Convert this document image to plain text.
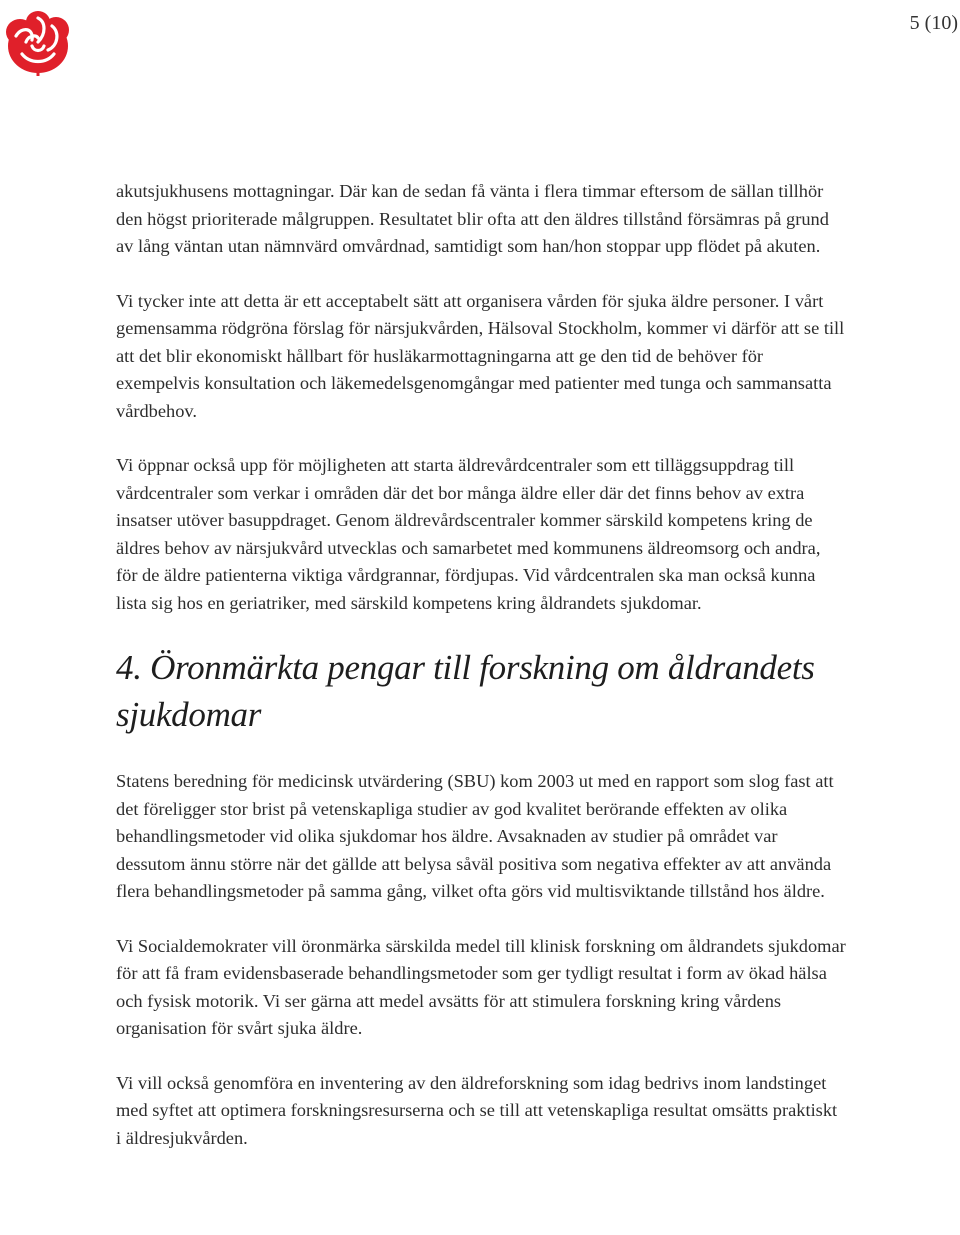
5 (10)

akutsjukhusens mottagningar. Där kan de sedan få vänta i flera timmar eftersom de sällan tillhör den högst prioriterade målgruppen. Resultatet blir ofta att den äldres tillstånd försämras på grund av lång väntan utan nämnvärd omvårdnad, samtidigt som han/hon stoppar upp flödet på akuten.

Vi tycker inte att detta är ett acceptabelt sätt att organisera vården för sjuka äldre personer. I vårt gemensamma rödgröna förslag för närsjukvården, Hälsoval Stockholm, kommer vi därför att se till att det blir ekonomiskt hållbart för husläkarmottagningarna att ge den tid de behöver för exempelvis konsultation och läkemedelsgenomgångar med patienter med tunga och sammansatta vårdbehov.

Vi öppnar också upp för möjligheten att starta äldrevårdcentraler som ett tilläggsuppdrag till vårdcentraler som verkar i områden där det bor många äldre eller där det finns behov av extra insatser utöver basuppdraget. Genom äldrevårdscentraler kommer särskild kompetens kring de äldres behov av närsjukvård utvecklas och samarbetet med kommunens äldreomsorg och andra, för de äldre patienterna viktiga vårdgrannar, fördjupas. Vid vårdcentralen ska man också kunna lista sig hos en geriatriker, med särskild kompetens kring åldrandets sjukdomar.

4. Öronmärkta pengar till forskning om åldrandets sjukdomar

Statens beredning för medicinsk utvärdering (SBU) kom 2003 ut med en rapport som slog fast att det föreligger stor brist på vetenskapliga studier av god kvalitet berörande effekten av olika behandlingsmetoder vid olika sjukdomar hos äldre. Avsaknaden av studier på området var dessutom ännu större när det gällde att belysa såväl positiva som negativa effekter av att använda flera behandlingsmetoder på samma gång, vilket ofta görs vid multisviktande tillstånd hos äldre.

Vi Socialdemokrater vill öronmärka särskilda medel till klinisk forskning om åldrandets sjukdomar för att få fram evidensbaserade behandlingsmetoder som ger tydligt resultat i form av ökad hälsa och fysisk motorik. Vi ser gärna att medel avsätts för att stimulera forskning kring vårdens organisation för svårt sjuka äldre.

Vi vill också genomföra en inventering av den äldreforskning som idag bedrivs inom landstinget med syftet att optimera forskningsresurserna och se till att vetenskapliga resultat omsätts praktiskt i äldresjukvården.
